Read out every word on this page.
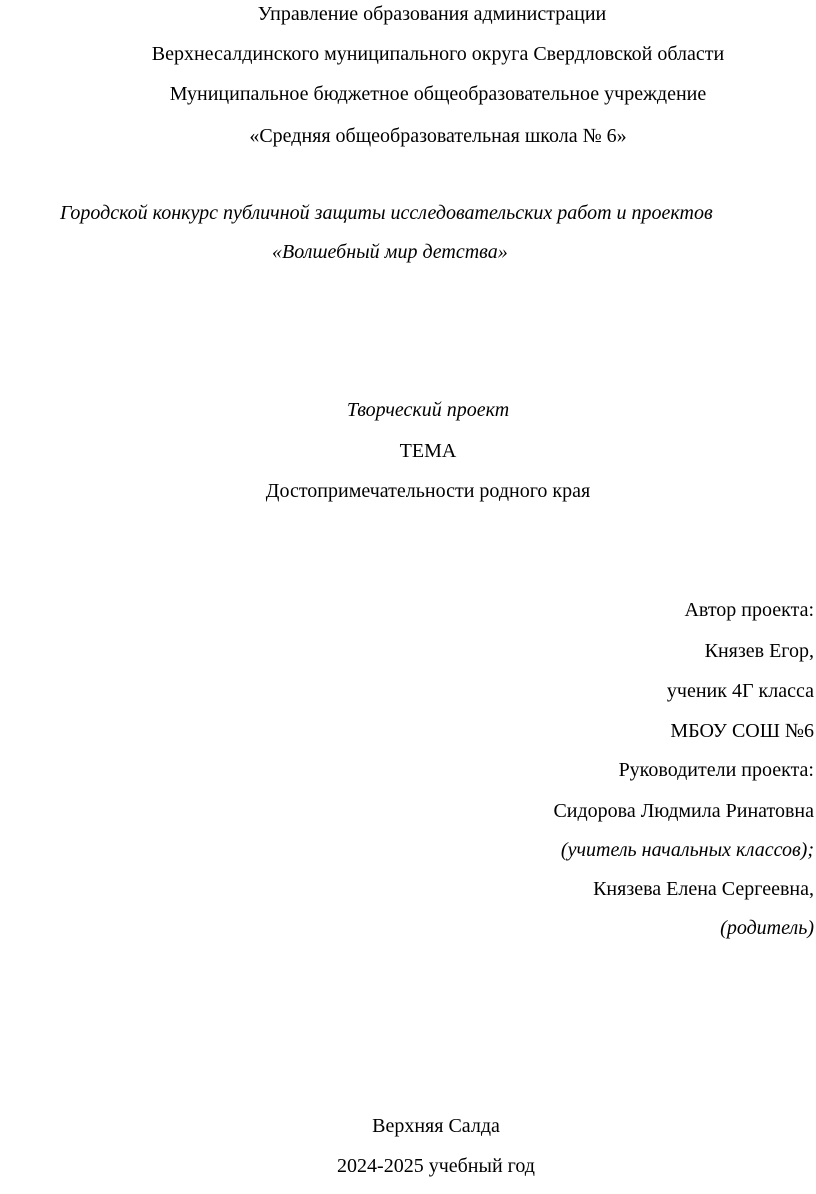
Управление образования администрации
Верхнесалдинского муниципального округа Свердловской области
Муниципальное бюджетное общеобразовательное учреждение
«Средняя общеобразовательная школа № 6»
Городской конкурс публичной защиты исследовательских работ и проектов
«Волшебный мир детства»
Творческий проект
ТЕМА
Достопримечательности родного края
Автор проекта:
Князев Егор,
ученик 4Г класса
МБОУ СОШ №6
Руководители проекта:
Сидорова Людмила Ринатовна
(учитель начальных классов);
Князева Елена Сергеевна,
(родитель)
Верхняя Салда
2024-2025 учебный год
